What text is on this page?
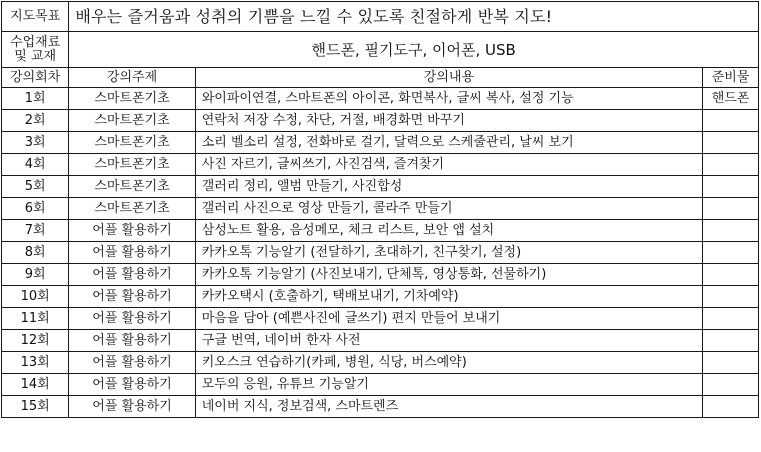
지도목표	배우는 즐거움과 성취의 기쁨을 느낄 수 있도록 친절하게 반복 지도!		

수업재료
및 교재	핸드폰, 필기도구, 이어폰, USB		
강의회차	강의주제	강의내용	준비물
1회	스마트폰기초	와이파이연결, 스마트폰의 아이콘, 화면복사, 글씨 복사, 설정 기능	핸드폰
2회	스마트폰기초	연락처 저장 수정, 차단, 거절, 배경화면 바꾸기	
3회	스마트폰기초	소리 벨소리 설정, 전화바로 걸기, 달력으로 스케줄관리, 날씨 보기	
4회	스마트폰기초	사진 자르기, 글씨쓰기, 사진검색, 즐겨찾기	
5회	스마트폰기초	갤러리 정리, 앨범 만들기, 사진합성	
6회	스마트폰기초	갤러리 사진으로 영상 만들기, 콜라주 만들기	
7회	어플 활용하기	삼성노트 활용, 음성메모, 체크 리스트, 보안 앱 설치	
8회	어플 활용하기	카카오톡 기능알기 (전달하기, 초대하기, 친구찾기, 설정)	
9회	어플 활용하기	카카오톡 기능알기 (사진보내기, 단체톡, 영상통화, 선물하기)	
10회	어플 활용하기	카카오택시 (호출하기, 택배보내기, 기차예약)	
11회	어플 활용하기	마음을 담아 (예쁜사진에 글쓰기) 편지 만들어 보내기	
12회	어플 활용하기	구글 번역, 네이버 한자 사전	
13회	어플 활용하기	키오스크 연습하기(카페, 병원, 식당, 버스예약)	
14회	어플 활용하기	모두의 응원, 유튜브 기능알기	
15회	어플 활용하기	네이버 지식, 정보검색, 스마트렌즈	
